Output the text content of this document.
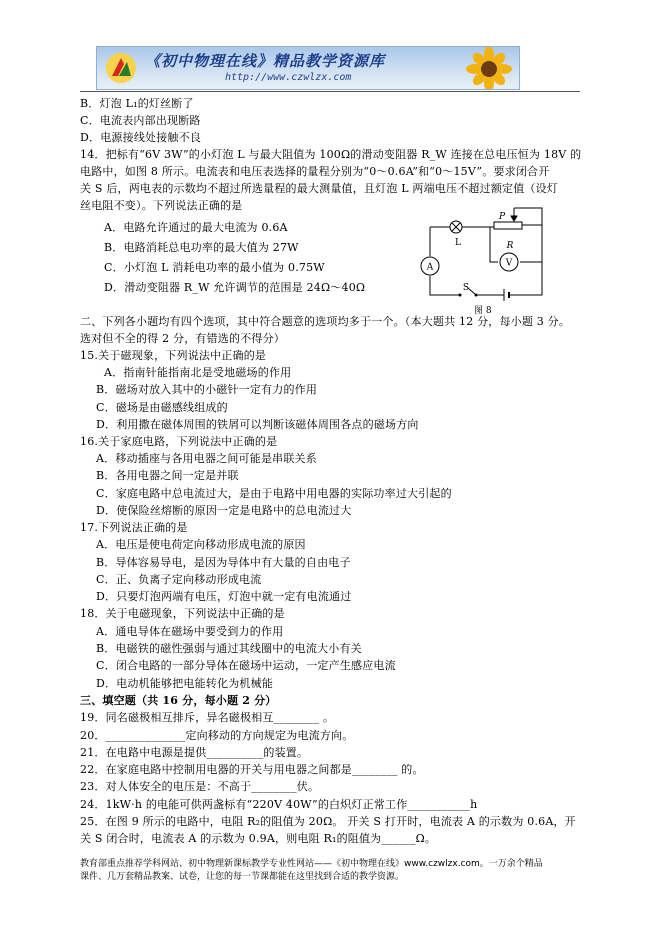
《初中物理在线》精品教学资源库
http://www.czwlzx.com
B．灯泡 L₁的灯丝断了
C．电流表内部出现断路
D．电源接线处接触不良
14．把标有“6V 3W”的小灯泡 L 与最大阻值为 100Ω的滑动变阻器 R_W 连接在总电压恒为 18V 的
电路中，如图 8 所示。电流表和电压表选择的量程分别为“0～0.6A”和“0～15V”。要求闭合开
关 S 后，两电表的示数均不超过所选量程的最大测量值，且灯泡 L 两端电压不超过额定值（设灯
丝电阻不变）。下列说法正确的是
A．电路允许通过的最大电流为 0.6A
B．电路消耗总电功率的最大值为 27W
C．小灯泡 L 消耗电功率的最小值为 0.75W
D．滑动变阻器 R_W 允许调节的范围是 24Ω～40Ω
A	V
L
P
R
S
图 8
二、下列各小题均有四个选项，其中符合题意的选项均多于一个。（本大题共 12 分，每小题 3 分。
选对但不全的得 2 分，有错选的不得分）
15.关于磁现象，下列说法中正确的是
A．指南针能指南北是受地磁场的作用
B．磁场对放入其中的小磁针一定有力的作用
C．磁场是由磁感线组成的
D．利用撒在磁体周围的铁屑可以判断该磁体周围各点的磁场方向
16.关于家庭电路，下列说法中正确的是
A．移动插座与各用电器之间可能是串联关系
B．各用电器之间一定是并联
C．家庭电路中总电流过大，是由于电路中用电器的实际功率过大引起的
D．使保险丝熔断的原因一定是电路中的总电流过大
17.下列说法正确的是
A．电压是使电荷定向移动形成电流的原因
B．导体容易导电，是因为导体中有大量的自由电子
C．正、负离子定向移动形成电流
D．只要灯泡两端有电压，灯泡中就一定有电流通过
18．关于电磁现象，下列说法中正确的是
A．通电导体在磁场中要受到力的作用
B．电磁铁的磁性强弱与通过其线圈中的电流大小有关
C．闭合电路的一部分导体在磁场中运动，一定产生感应电流
D．电动机能够把电能转化为机械能
三、填空题（共 16 分，每小题 2 分）
19．同名磁极相互排斥，异名磁极相互________ 。
20．______________定向移动的方向规定为电流方向。
21．在电路中电源是提供__________的装置。
22．在家庭电路中控制用电器的开关与用电器之间都是________ 的。
23．对人体安全的电压是：不高于________伏。
24．1kW·h 的电能可供两盏标有“220V 40W”的白炽灯正常工作___________h
25．在图 9 所示的电路中，电阻 R₂的阻值为 20Ω。 开关 S 打开时，电流表 A 的示数为 0.6A，开
关 S 闭合时，电流表 A 的示数为 0.9A，则电阻 R₁的阻值为______Ω。
教育部重点推荐学科网站、初中物理新课标教学专业性网站——《初中物理在线》www.czwlzx.com。一万余个精品
课件、几万套精品教案、试卷，让您的每一节课都能在这里找到合适的教学资源。
